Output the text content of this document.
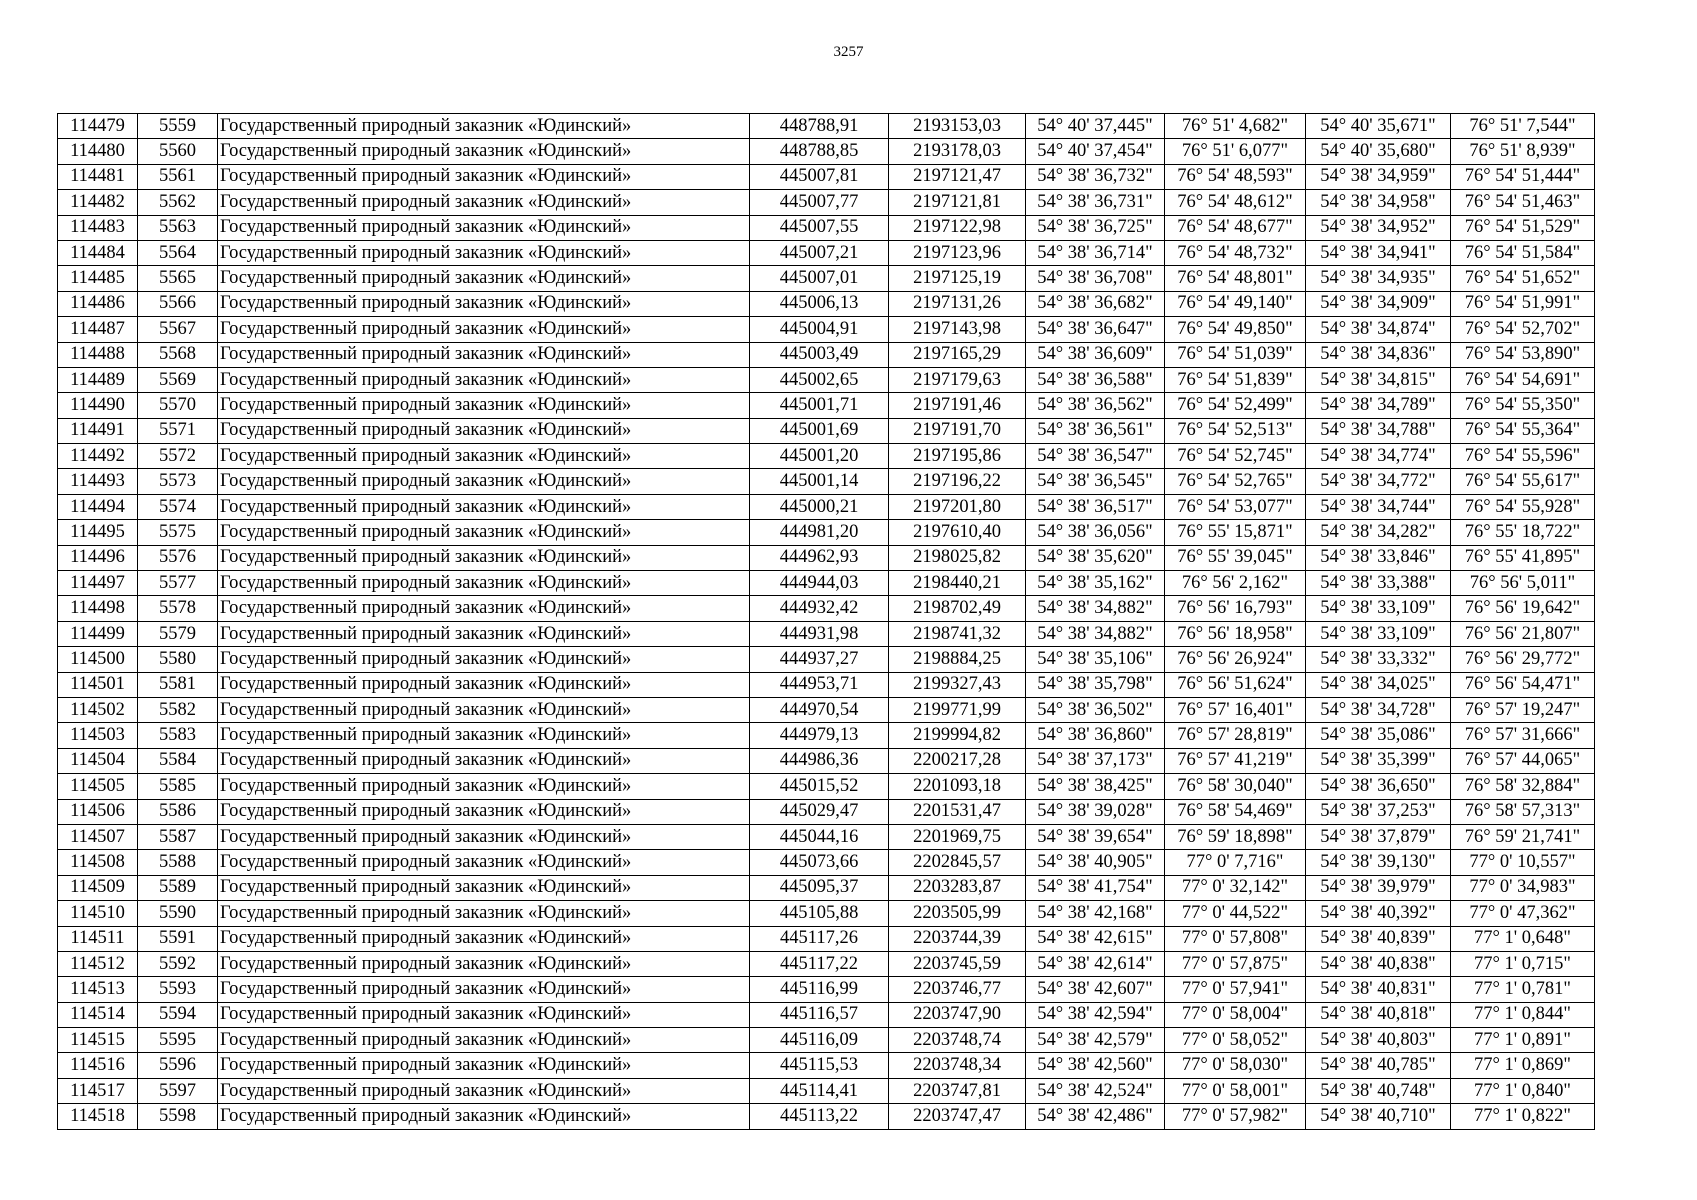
3257
114479	5559	Государственный природный заказник «Юдинский»	448788,91	2193153,03	54° 40' 37,445"	76° 51' 4,682"	54° 40' 35,671"	76° 51' 7,544"
114480	5560	Государственный природный заказник «Юдинский»	448788,85	2193178,03	54° 40' 37,454"	76° 51' 6,077"	54° 40' 35,680"	76° 51' 8,939"
114481	5561	Государственный природный заказник «Юдинский»	445007,81	2197121,47	54° 38' 36,732"	76° 54' 48,593"	54° 38' 34,959"	76° 54' 51,444"
114482	5562	Государственный природный заказник «Юдинский»	445007,77	2197121,81	54° 38' 36,731"	76° 54' 48,612"	54° 38' 34,958"	76° 54' 51,463"
114483	5563	Государственный природный заказник «Юдинский»	445007,55	2197122,98	54° 38' 36,725"	76° 54' 48,677"	54° 38' 34,952"	76° 54' 51,529"
114484	5564	Государственный природный заказник «Юдинский»	445007,21	2197123,96	54° 38' 36,714"	76° 54' 48,732"	54° 38' 34,941"	76° 54' 51,584"
114485	5565	Государственный природный заказник «Юдинский»	445007,01	2197125,19	54° 38' 36,708"	76° 54' 48,801"	54° 38' 34,935"	76° 54' 51,652"
114486	5566	Государственный природный заказник «Юдинский»	445006,13	2197131,26	54° 38' 36,682"	76° 54' 49,140"	54° 38' 34,909"	76° 54' 51,991"
114487	5567	Государственный природный заказник «Юдинский»	445004,91	2197143,98	54° 38' 36,647"	76° 54' 49,850"	54° 38' 34,874"	76° 54' 52,702"
114488	5568	Государственный природный заказник «Юдинский»	445003,49	2197165,29	54° 38' 36,609"	76° 54' 51,039"	54° 38' 34,836"	76° 54' 53,890"
114489	5569	Государственный природный заказник «Юдинский»	445002,65	2197179,63	54° 38' 36,588"	76° 54' 51,839"	54° 38' 34,815"	76° 54' 54,691"
114490	5570	Государственный природный заказник «Юдинский»	445001,71	2197191,46	54° 38' 36,562"	76° 54' 52,499"	54° 38' 34,789"	76° 54' 55,350"
114491	5571	Государственный природный заказник «Юдинский»	445001,69	2197191,70	54° 38' 36,561"	76° 54' 52,513"	54° 38' 34,788"	76° 54' 55,364"
114492	5572	Государственный природный заказник «Юдинский»	445001,20	2197195,86	54° 38' 36,547"	76° 54' 52,745"	54° 38' 34,774"	76° 54' 55,596"
114493	5573	Государственный природный заказник «Юдинский»	445001,14	2197196,22	54° 38' 36,545"	76° 54' 52,765"	54° 38' 34,772"	76° 54' 55,617"
114494	5574	Государственный природный заказник «Юдинский»	445000,21	2197201,80	54° 38' 36,517"	76° 54' 53,077"	54° 38' 34,744"	76° 54' 55,928"
114495	5575	Государственный природный заказник «Юдинский»	444981,20	2197610,40	54° 38' 36,056"	76° 55' 15,871"	54° 38' 34,282"	76° 55' 18,722"
114496	5576	Государственный природный заказник «Юдинский»	444962,93	2198025,82	54° 38' 35,620"	76° 55' 39,045"	54° 38' 33,846"	76° 55' 41,895"
114497	5577	Государственный природный заказник «Юдинский»	444944,03	2198440,21	54° 38' 35,162"	76° 56' 2,162"	54° 38' 33,388"	76° 56' 5,011"
114498	5578	Государственный природный заказник «Юдинский»	444932,42	2198702,49	54° 38' 34,882"	76° 56' 16,793"	54° 38' 33,109"	76° 56' 19,642"
114499	5579	Государственный природный заказник «Юдинский»	444931,98	2198741,32	54° 38' 34,882"	76° 56' 18,958"	54° 38' 33,109"	76° 56' 21,807"
114500	5580	Государственный природный заказник «Юдинский»	444937,27	2198884,25	54° 38' 35,106"	76° 56' 26,924"	54° 38' 33,332"	76° 56' 29,772"
114501	5581	Государственный природный заказник «Юдинский»	444953,71	2199327,43	54° 38' 35,798"	76° 56' 51,624"	54° 38' 34,025"	76° 56' 54,471"
114502	5582	Государственный природный заказник «Юдинский»	444970,54	2199771,99	54° 38' 36,502"	76° 57' 16,401"	54° 38' 34,728"	76° 57' 19,247"
114503	5583	Государственный природный заказник «Юдинский»	444979,13	2199994,82	54° 38' 36,860"	76° 57' 28,819"	54° 38' 35,086"	76° 57' 31,666"
114504	5584	Государственный природный заказник «Юдинский»	444986,36	2200217,28	54° 38' 37,173"	76° 57' 41,219"	54° 38' 35,399"	76° 57' 44,065"
114505	5585	Государственный природный заказник «Юдинский»	445015,52	2201093,18	54° 38' 38,425"	76° 58' 30,040"	54° 38' 36,650"	76° 58' 32,884"
114506	5586	Государственный природный заказник «Юдинский»	445029,47	2201531,47	54° 38' 39,028"	76° 58' 54,469"	54° 38' 37,253"	76° 58' 57,313"
114507	5587	Государственный природный заказник «Юдинский»	445044,16	2201969,75	54° 38' 39,654"	76° 59' 18,898"	54° 38' 37,879"	76° 59' 21,741"
114508	5588	Государственный природный заказник «Юдинский»	445073,66	2202845,57	54° 38' 40,905"	77° 0' 7,716"	54° 38' 39,130"	77° 0' 10,557"
114509	5589	Государственный природный заказник «Юдинский»	445095,37	2203283,87	54° 38' 41,754"	77° 0' 32,142"	54° 38' 39,979"	77° 0' 34,983"
114510	5590	Государственный природный заказник «Юдинский»	445105,88	2203505,99	54° 38' 42,168"	77° 0' 44,522"	54° 38' 40,392"	77° 0' 47,362"
114511	5591	Государственный природный заказник «Юдинский»	445117,26	2203744,39	54° 38' 42,615"	77° 0' 57,808"	54° 38' 40,839"	77° 1' 0,648"
114512	5592	Государственный природный заказник «Юдинский»	445117,22	2203745,59	54° 38' 42,614"	77° 0' 57,875"	54° 38' 40,838"	77° 1' 0,715"
114513	5593	Государственный природный заказник «Юдинский»	445116,99	2203746,77	54° 38' 42,607"	77° 0' 57,941"	54° 38' 40,831"	77° 1' 0,781"
114514	5594	Государственный природный заказник «Юдинский»	445116,57	2203747,90	54° 38' 42,594"	77° 0' 58,004"	54° 38' 40,818"	77° 1' 0,844"
114515	5595	Государственный природный заказник «Юдинский»	445116,09	2203748,74	54° 38' 42,579"	77° 0' 58,052"	54° 38' 40,803"	77° 1' 0,891"
114516	5596	Государственный природный заказник «Юдинский»	445115,53	2203748,34	54° 38' 42,560"	77° 0' 58,030"	54° 38' 40,785"	77° 1' 0,869"
114517	5597	Государственный природный заказник «Юдинский»	445114,41	2203747,81	54° 38' 42,524"	77° 0' 58,001"	54° 38' 40,748"	77° 1' 0,840"
114518	5598	Государственный природный заказник «Юдинский»	445113,22	2203747,47	54° 38' 42,486"	77° 0' 57,982"	54° 38' 40,710"	77° 1' 0,822"
